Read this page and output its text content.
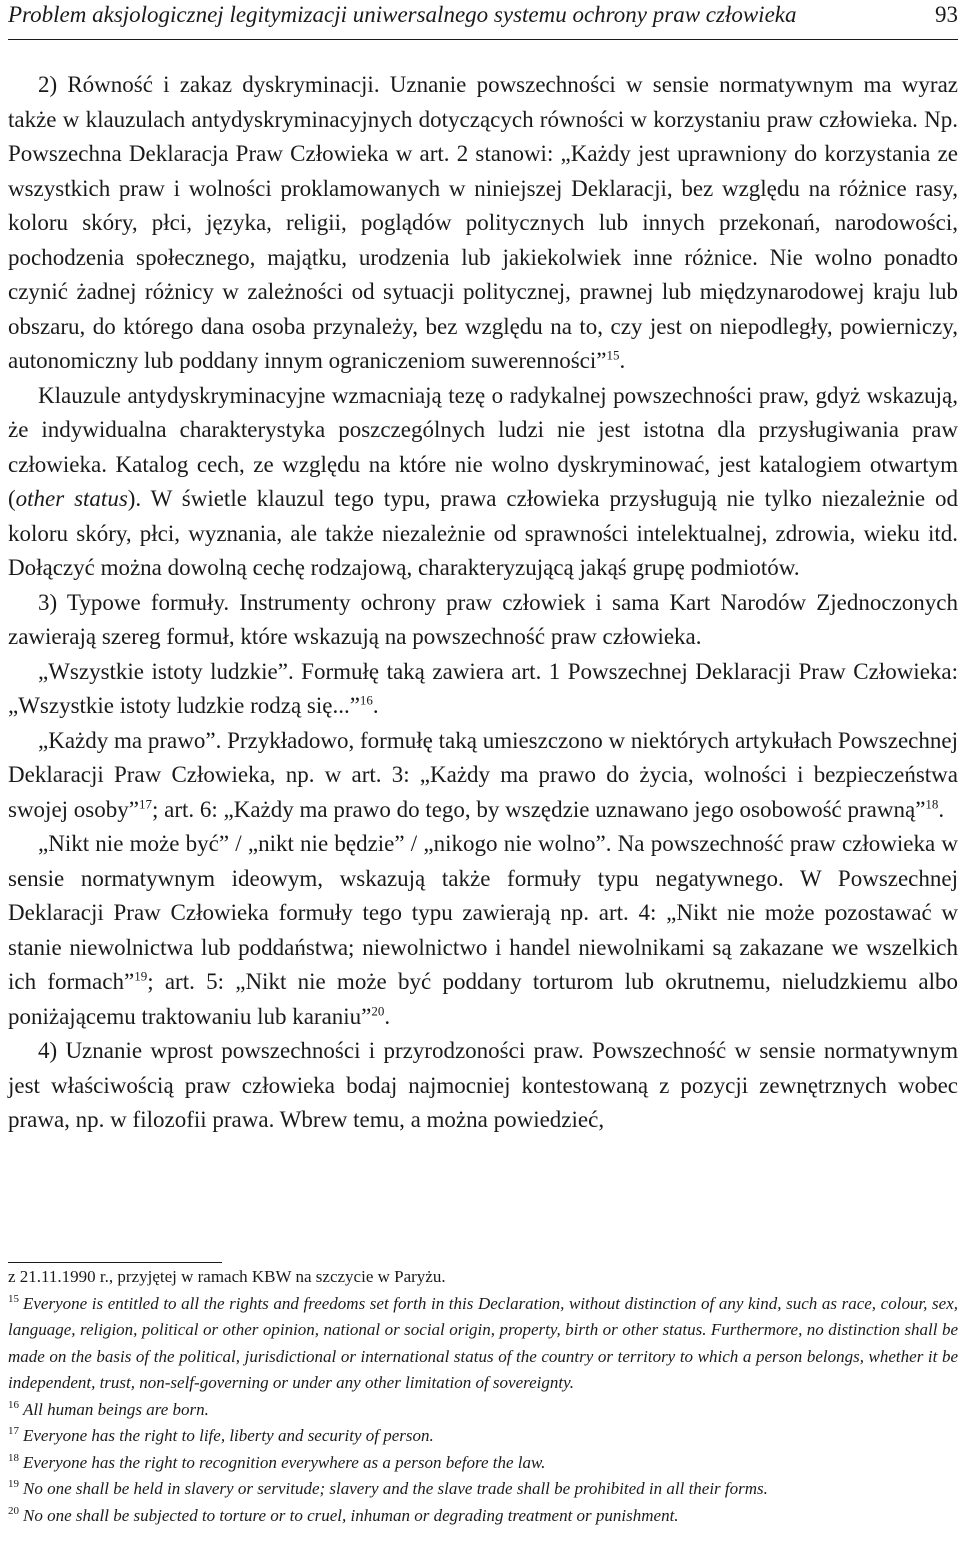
Problem aksjologicznej legitymizacji uniwersalnego systemu ochrony praw człowieka	93

2) Równość i zakaz dyskryminacji. Uznanie powszechności w sensie normatywnym ma wyraz także w klauzulach antydyskryminacyjnych dotyczących równości w korzystaniu praw człowieka. Np. Powszechna Deklaracja Praw Człowieka w art. 2 stanowi: „Każdy jest uprawniony do korzystania ze wszystkich praw i wolności proklamowanych w niniejszej Deklaracji, bez względu na różnice rasy, koloru skóry, płci, języka, religii, poglądów politycznych lub innych przekonań, narodowości, pochodzenia społecznego, majątku, urodzenia lub jakiekolwiek inne różnice. Nie wolno ponadto czynić żadnej różnicy w zależności od sytuacji politycznej, prawnej lub międzynarodowej kraju lub obszaru, do którego dana osoba przynależy, bez względu na to, czy jest on niepodległy, powierniczy, autonomiczny lub poddany innym ograniczeniom suwerenności”$^{15}$.

Klauzule antydyskryminacyjne wzmacniają tezę o radykalnej powszechności praw, gdyż wskazują, że indywidualna charakterystyka poszczególnych ludzi nie jest istotna dla przysługiwania praw człowieka. Katalog cech, ze względu na które nie wolno dyskryminować, jest katalogiem otwartym (other status). W świetle klauzul tego typu, prawa człowieka przysługują nie tylko niezależnie od koloru skóry, płci, wyznania, ale także niezależnie od sprawności intelektualnej, zdrowia, wieku itd. Dołączyć można dowolną cechę rodzajową, charakteryzującą jakąś grupę podmiotów.

3) Typowe formuły. Instrumenty ochrony praw człowiek i sama Kart Narodów Zjednoczonych zawierają szereg formuł, które wskazują na powszechność praw człowieka.

„Wszystkie istoty ludzkie”. Formułę taką zawiera art. 1 Powszechnej Deklaracji Praw Człowieka: „Wszystkie istoty ludzkie rodzą się...”$^{16}$.

„Każdy ma prawo”. Przykładowo, formułę taką umieszczono w niektórych artykułach Powszechnej Deklaracji Praw Człowieka, np. w art. 3: „Każdy ma prawo do życia, wolności i bezpieczeństwa swojej osoby”$^{17}$; art. 6: „Każdy ma prawo do tego, by wszędzie uznawano jego osobowość prawną”$^{18}$.

„Nikt nie może być” / „nikt nie będzie” / „nikogo nie wolno”. Na powszechność praw człowieka w sensie normatywnym ideowym, wskazują także formuły typu negatywnego. W Powszechnej Deklaracji Praw Człowieka formuły tego typu zawierają np. art. 4: „Nikt nie może pozostawać w stanie niewolnictwa lub poddaństwa; niewolnictwo i handel niewolnikami są zakazane we wszelkich ich formach”$^{19}$; art. 5: „Nikt nie może być poddany torturom lub okrutnemu, nieludzkiemu albo poniżającemu traktowaniu lub karaniu”$^{20}$.

4) Uznanie wprost powszechności i przyrodzoności praw. Powszechność w sensie normatywnym jest właściwością praw człowieka bodaj najmocniej kontestowaną z pozycji zewnętrznych wobec prawa, np. w filozofii prawa. Wbrew temu, a można powiedzieć,

z 21.11.1990 r., przyjętej w ramach KBW na szczycie w Paryżu.

$^{15}$ Everyone is entitled to all the rights and freedoms set forth in this Declaration, without distinction of any kind, such as race, colour, sex, language, religion, political or other opinion, national or social origin, property, birth or other status. Furthermore, no distinction shall be made on the basis of the political, jurisdictional or international status of the country or territory to which a person belongs, whether it be independent, trust, non-self-governing or under any other limitation of sovereignty.

$^{16}$ All human beings are born.

$^{17}$ Everyone has the right to life, liberty and security of person.

$^{18}$ Everyone has the right to recognition everywhere as a person before the law.

$^{19}$ No one shall be held in slavery or servitude; slavery and the slave trade shall be prohibited in all their forms.

$^{20}$ No one shall be subjected to torture or to cruel, inhuman or degrading treatment or punishment.
